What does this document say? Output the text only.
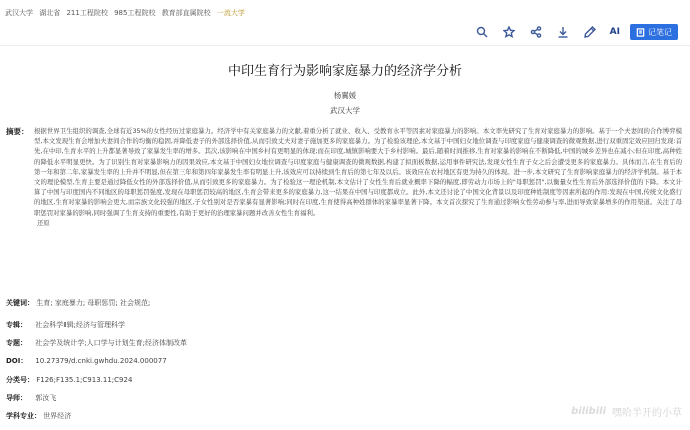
武汉大学 湖北省 211工程院校 985工程院校 教育部直属院校 一流大学
AI	记笔记
中印生育行为影响家庭暴力的经济学分析
杨翼媛
武汉大学
摘要： 根据世界卫生组织的调查,全球有近35%的女性经历过家庭暴力。经济学中有关家庭暴力的文献,着重分析了就业、收入、受教育水平等因素对家庭暴力的影响。本文率先研究了生育对家庭暴力的影响。基于一个夫妻间的合作博弈模型,本文发现生育会增加夫妻间合作的均衡的稳固,并降低妻子的外部选择价值,从而引致丈夫对妻子施加更多的家庭暴力。为了检验该理论,本文基于中国妇女地位调查与印度家庭与健康调查的微观数据,进行双重固定效应回归发现:首先,在中印,生育水平的上升都显著导致了家暴发生率的增多。其次,该影响在中国乡村有更明显的体现;而在印度,城镇影响要大于乡村影响。最后,随着时间推移,生育对家暴的影响在不断降低,中国的城乡差异也在减小;但在印度,高种姓的降低水平明显更快。为了识别生育对家暴影响力的因果效应,本文基于中国妇女地位调查与印度家庭与健康调查的微观数据,构建了拟面板数据,运用事件研究法,发现女性生育子女之后会遭受更多的家庭暴力。具体而言,在生育后的第一年和第二年,家暴发生率的上升并不明显,但在第三年和第四年家暴发生率有明显上升,该效应可以持续到生育后的第七年及以后。该效应在农村地区有更为持久的体现。进一步,本文研究了生育影响家庭暴力的经济学机制。基于本文的理论模型,生育主要是通过降低女性的外部选择价值,从而引致更多的家庭暴力。为了检验这一理论机制,本文估计了女性生育后就业概率下降的幅度,即劳动力市场上的"母职惩罚",以衡量女性生育后外部选择价值的下降。本文计算了中国与印度国内不同地区的母职惩罚强度,发现在母职惩罚较高的地区,生育会带来更多的家庭暴力,这一结果在中国与印度都成立。此外,本文还讨论了中国文化背景以及印度种姓制度等因素所起的作用:发现在中国,传统文化盛行的地区,生育对家暴的影响会更大,而宗族文化较强的地区,子女性别对是否家暴有显著影响;同时在印度,生育使得高种姓群体的家暴率显著下降。本文首次探究了生育通过影响女性劳动参与率,进而导致家暴增多的作用渠道。关注了母职惩罚对家暴的影响,同时强调了生育支持的重要性,有助于更好的治理家暴问题并改善女性生育福利。
还原
关键词： 生育; 家庭暴力; 母职惩罚; 社会规范;
专辑： 社会科学Ⅱ辑;经济与管理科学
专题： 社会学及统计学;人口学与计划生育;经济体制改革
DOI： 10.27379/d.cnki.gwhdu.2024.000077
分类号： F126;F135.1;C913.11;C924
导师： 郭汝飞
学科专业： 世界经济	bilibili 嘿哈半开的小草
